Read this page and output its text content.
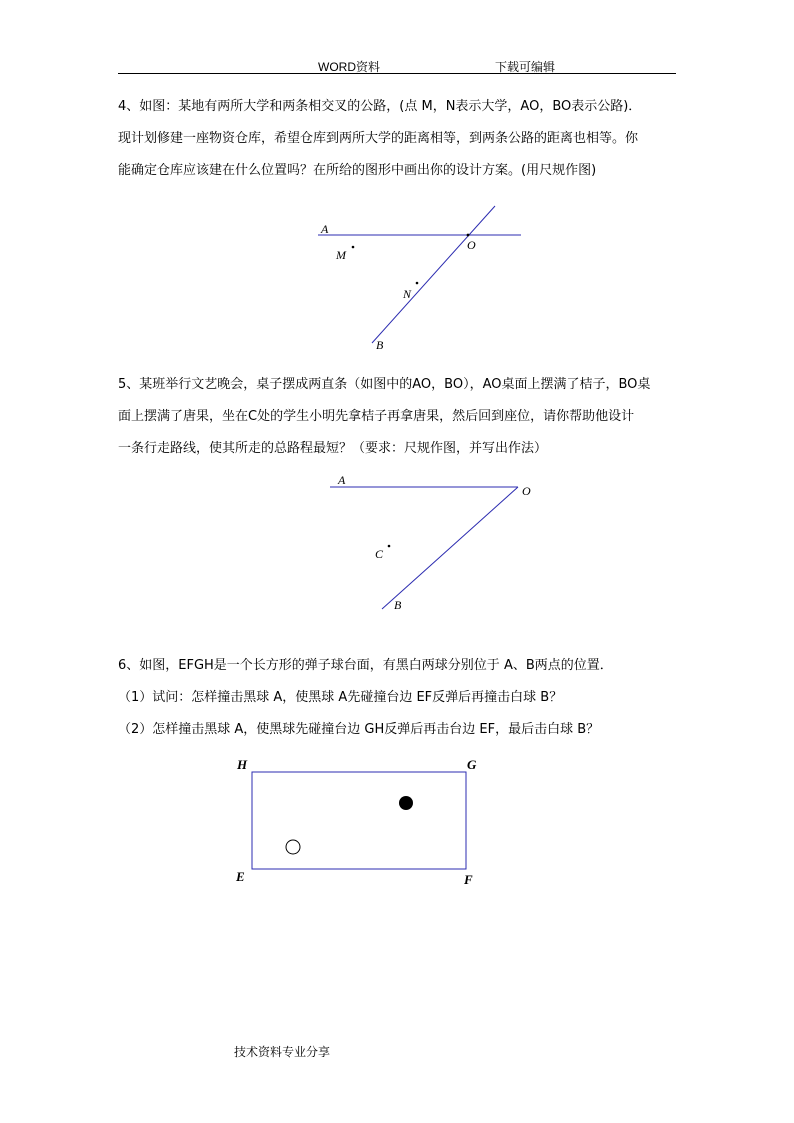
WORD资料	下载可编辑
4、如图：某地有两所大学和两条相交叉的公路，(点 M，N表示大学，AO，BO表示公路)．
现计划修建一座物资仓库，希望仓库到两所大学的距离相等，到两条公路的距离也相等。你
能确定仓库应该建在什么位置吗？在所给的图形中画出你的设计方案。(用尺规作图)
A
O
M
N
B
A
O
C
B
H	G
E	F
5、某班举行文艺晚会，桌子摆成两直条（如图中的AO，BO），AO桌面上摆满了桔子，BO桌
面上摆满了唐果，坐在C处的学生小明先拿桔子再拿唐果，然后回到座位，请你帮助他设计
一条行走路线，使其所走的总路程最短？（要求：尺规作图，并写出作法）
6、如图，EFGH是一个长方形的弹子球台面，有黑白两球分别位于 A、B两点的位置．
（1）试问：怎样撞击黑球 A，使黑球 A先碰撞台边 EF反弹后再撞击白球 B？
（2）怎样撞击黑球 A，使黑球先碰撞台边 GH反弹后再击台边 EF，最后击白球 B？
技术资料专业分享
